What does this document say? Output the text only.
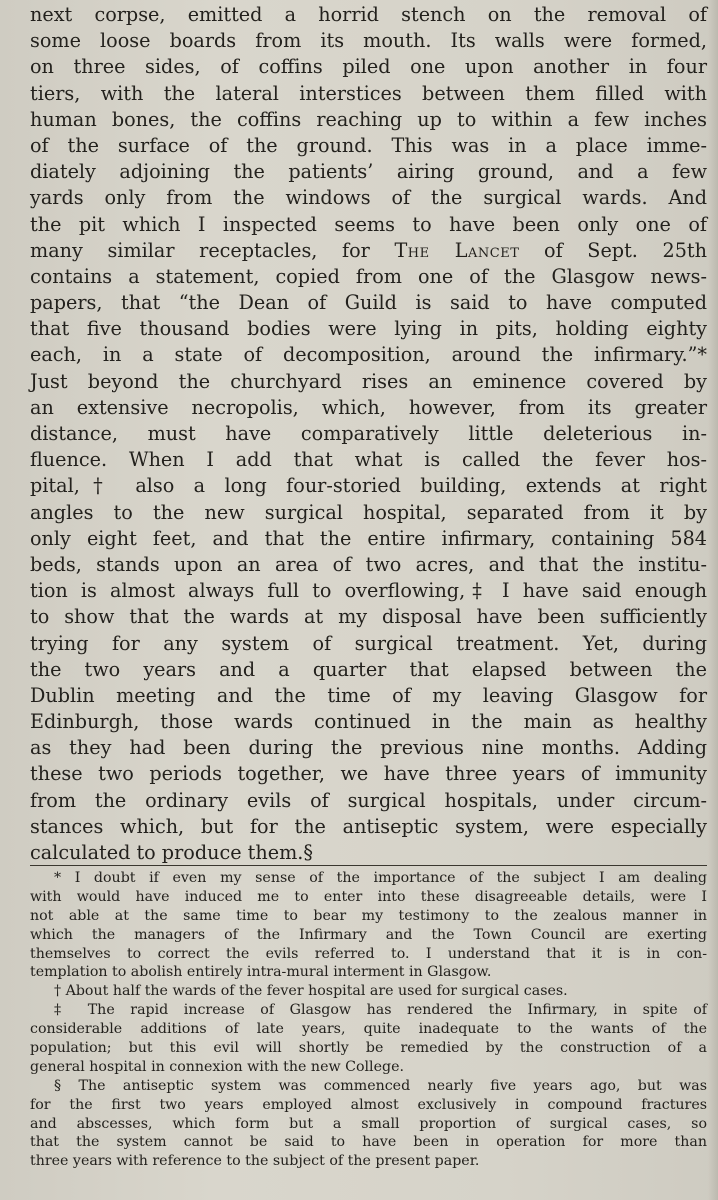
next corpse, emitted a horrid stench on the removal of
some loose boards from its mouth. Its walls were formed,
on three sides, of coffins piled one upon another in four
tiers, with the lateral interstices between them filled with
human bones, the coffins reaching up to within a few inches
of the surface of the ground. This was in a place imme-
diately adjoining the patients’ airing ground, and a few
yards only from the windows of the surgical wards. And
the pit which I inspected seems to have been only one of
many similar receptacles, for The Lancet of Sept. 25th
contains a statement, copied from one of the Glasgow news-
papers, that “the Dean of Guild is said to have computed
that five thousand bodies were lying in pits, holding eighty
each, in a state of decomposition, around the infirmary.”*
Just beyond the churchyard rises an eminence covered by
an extensive necropolis, which, however, from its greater
distance, must have comparatively little deleterious in-
fluence. When I add that what is called the fever hos-
pital,† also a long four-storied building, extends at right
angles to the new surgical hospital, separated from it by
only eight feet, and that the entire infirmary, containing 584
beds, stands upon an area of two acres, and that the institu-
tion is almost always full to overflowing,‡ I have said enough
to show that the wards at my disposal have been sufficiently
trying for any system of surgical treatment. Yet, during
the two years and a quarter that elapsed between the
Dublin meeting and the time of my leaving Glasgow for
Edinburgh, those wards continued in the main as healthy
as they had been during the previous nine months. Adding
these two periods together, we have three years of immunity
from the ordinary evils of surgical hospitals, under circum-
stances which, but for the antiseptic system, were especially
calculated to produce them.§
* I doubt if even my sense of the importance of the subject I am dealing
with would have induced me to enter into these disagreeable details, were I
not able at the same time to bear my testimony to the zealous manner in
which the managers of the Infirmary and the Town Council are exerting
themselves to correct the evils referred to. I understand that it is in con-
templation to abolish entirely intra-mural interment in Glasgow.
† About half the wards of the fever hospital are used for surgical cases.
‡ The rapid increase of Glasgow has rendered the Infirmary, in spite of
considerable additions of late years, quite inadequate to the wants of the
population; but this evil will shortly be remedied by the construction of a
general hospital in connexion with the new College.
§ The antiseptic system was commenced nearly five years ago, but was
for the first two years employed almost exclusively in compound fractures
and abscesses, which form but a small proportion of surgical cases, so
that the system cannot be said to have been in operation for more than
three years with reference to the subject of the present paper.
